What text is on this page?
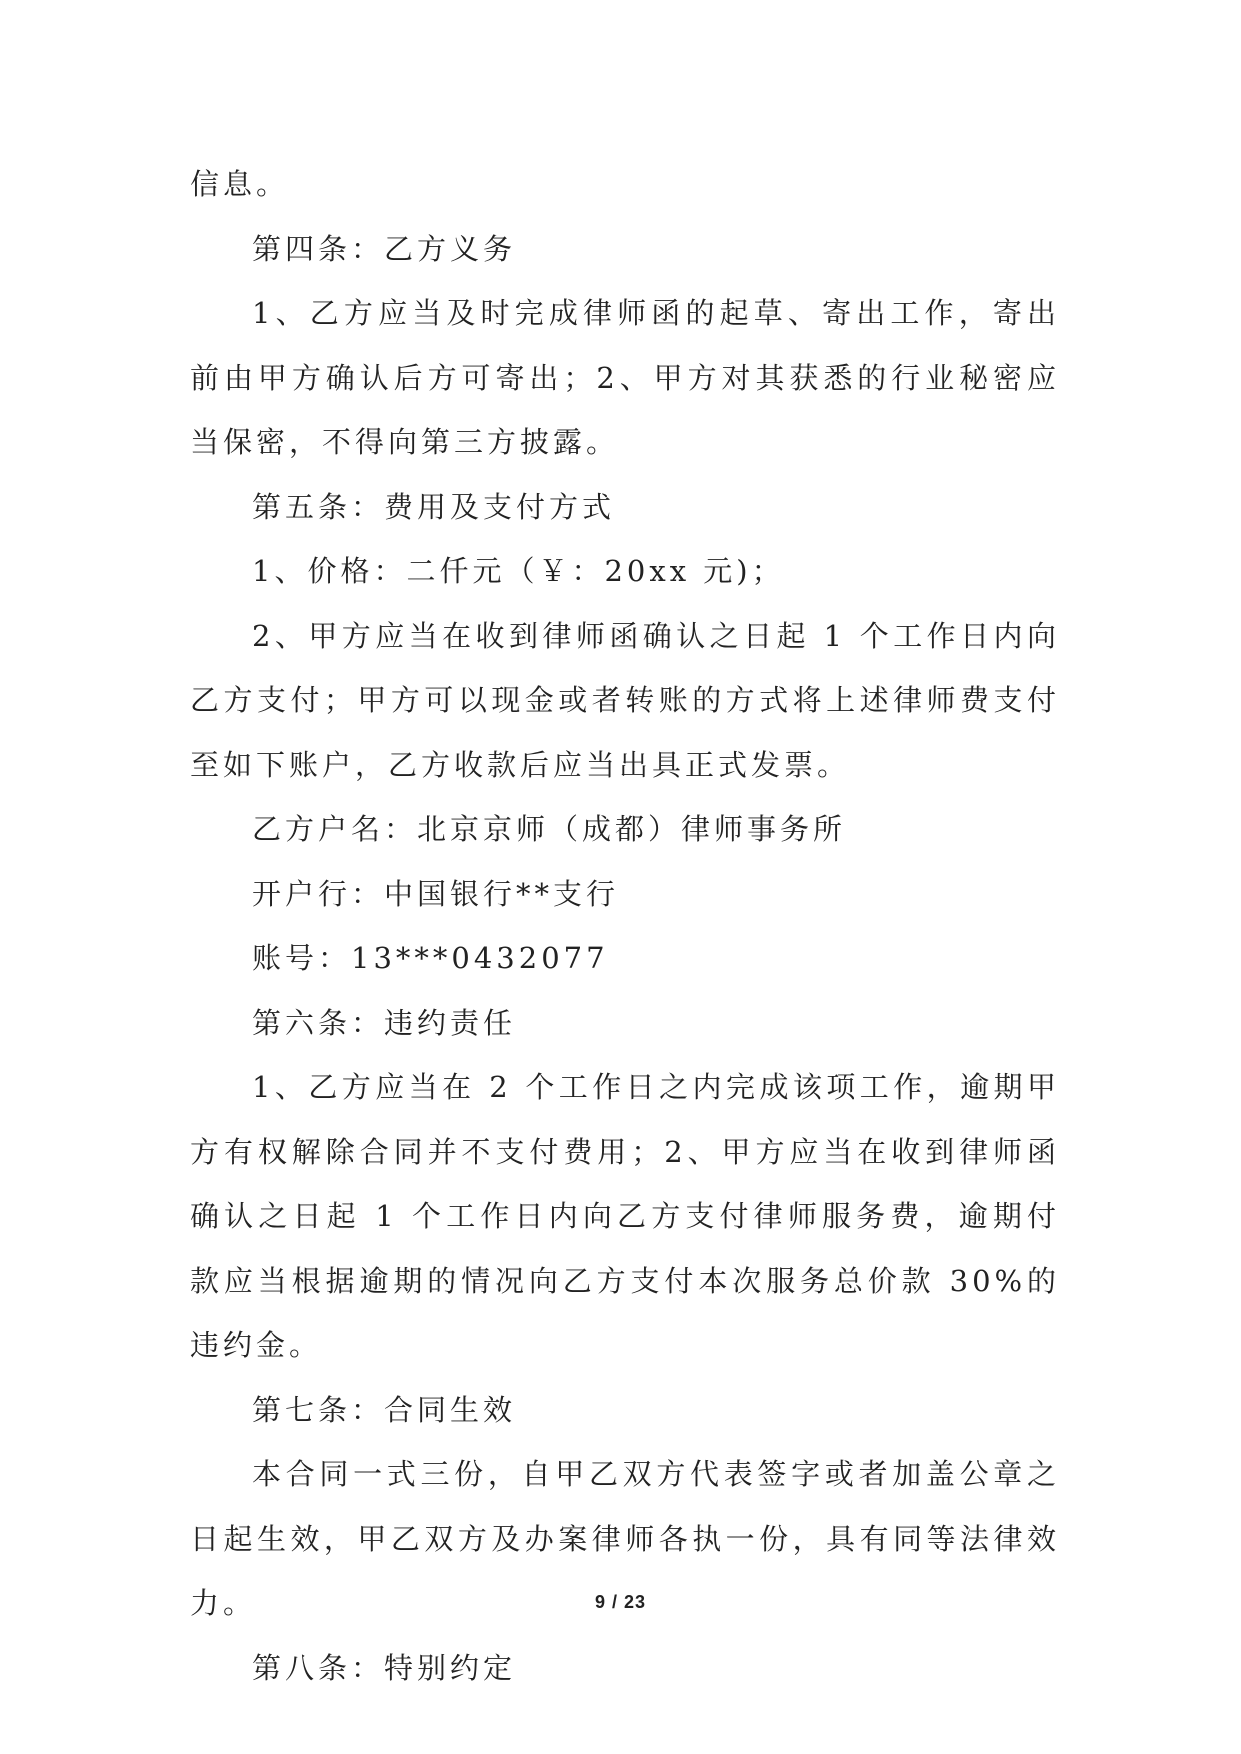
信息。

第四条：乙方义务

1、乙方应当及时完成律师函的起草、寄出工作，寄出前由甲方确认后方可寄出；2、甲方对其获悉的行业秘密应当保密，不得向第三方披露。

第五条：费用及支付方式

1、价格：二仟元（￥：20xx 元)；

2、甲方应当在收到律师函确认之日起 1 个工作日内向乙方支付；甲方可以现金或者转账的方式将上述律师费支付至如下账户，乙方收款后应当出具正式发票。

乙方户名：北京京师（成都）律师事务所

开户行：中国银行**支行

账号：13***0432077

第六条：违约责任

1、乙方应当在 2 个工作日之内完成该项工作，逾期甲方有权解除合同并不支付费用；2、甲方应当在收到律师函确认之日起 1 个工作日内向乙方支付律师服务费，逾期付款应当根据逾期的情况向乙方支付本次服务总价款 30%的违约金。

第七条：合同生效

本合同一式三份，自甲乙双方代表签字或者加盖公章之日起生效，甲乙双方及办案律师各执一份，具有同等法律效力。

第八条：特别约定

9 / 23
